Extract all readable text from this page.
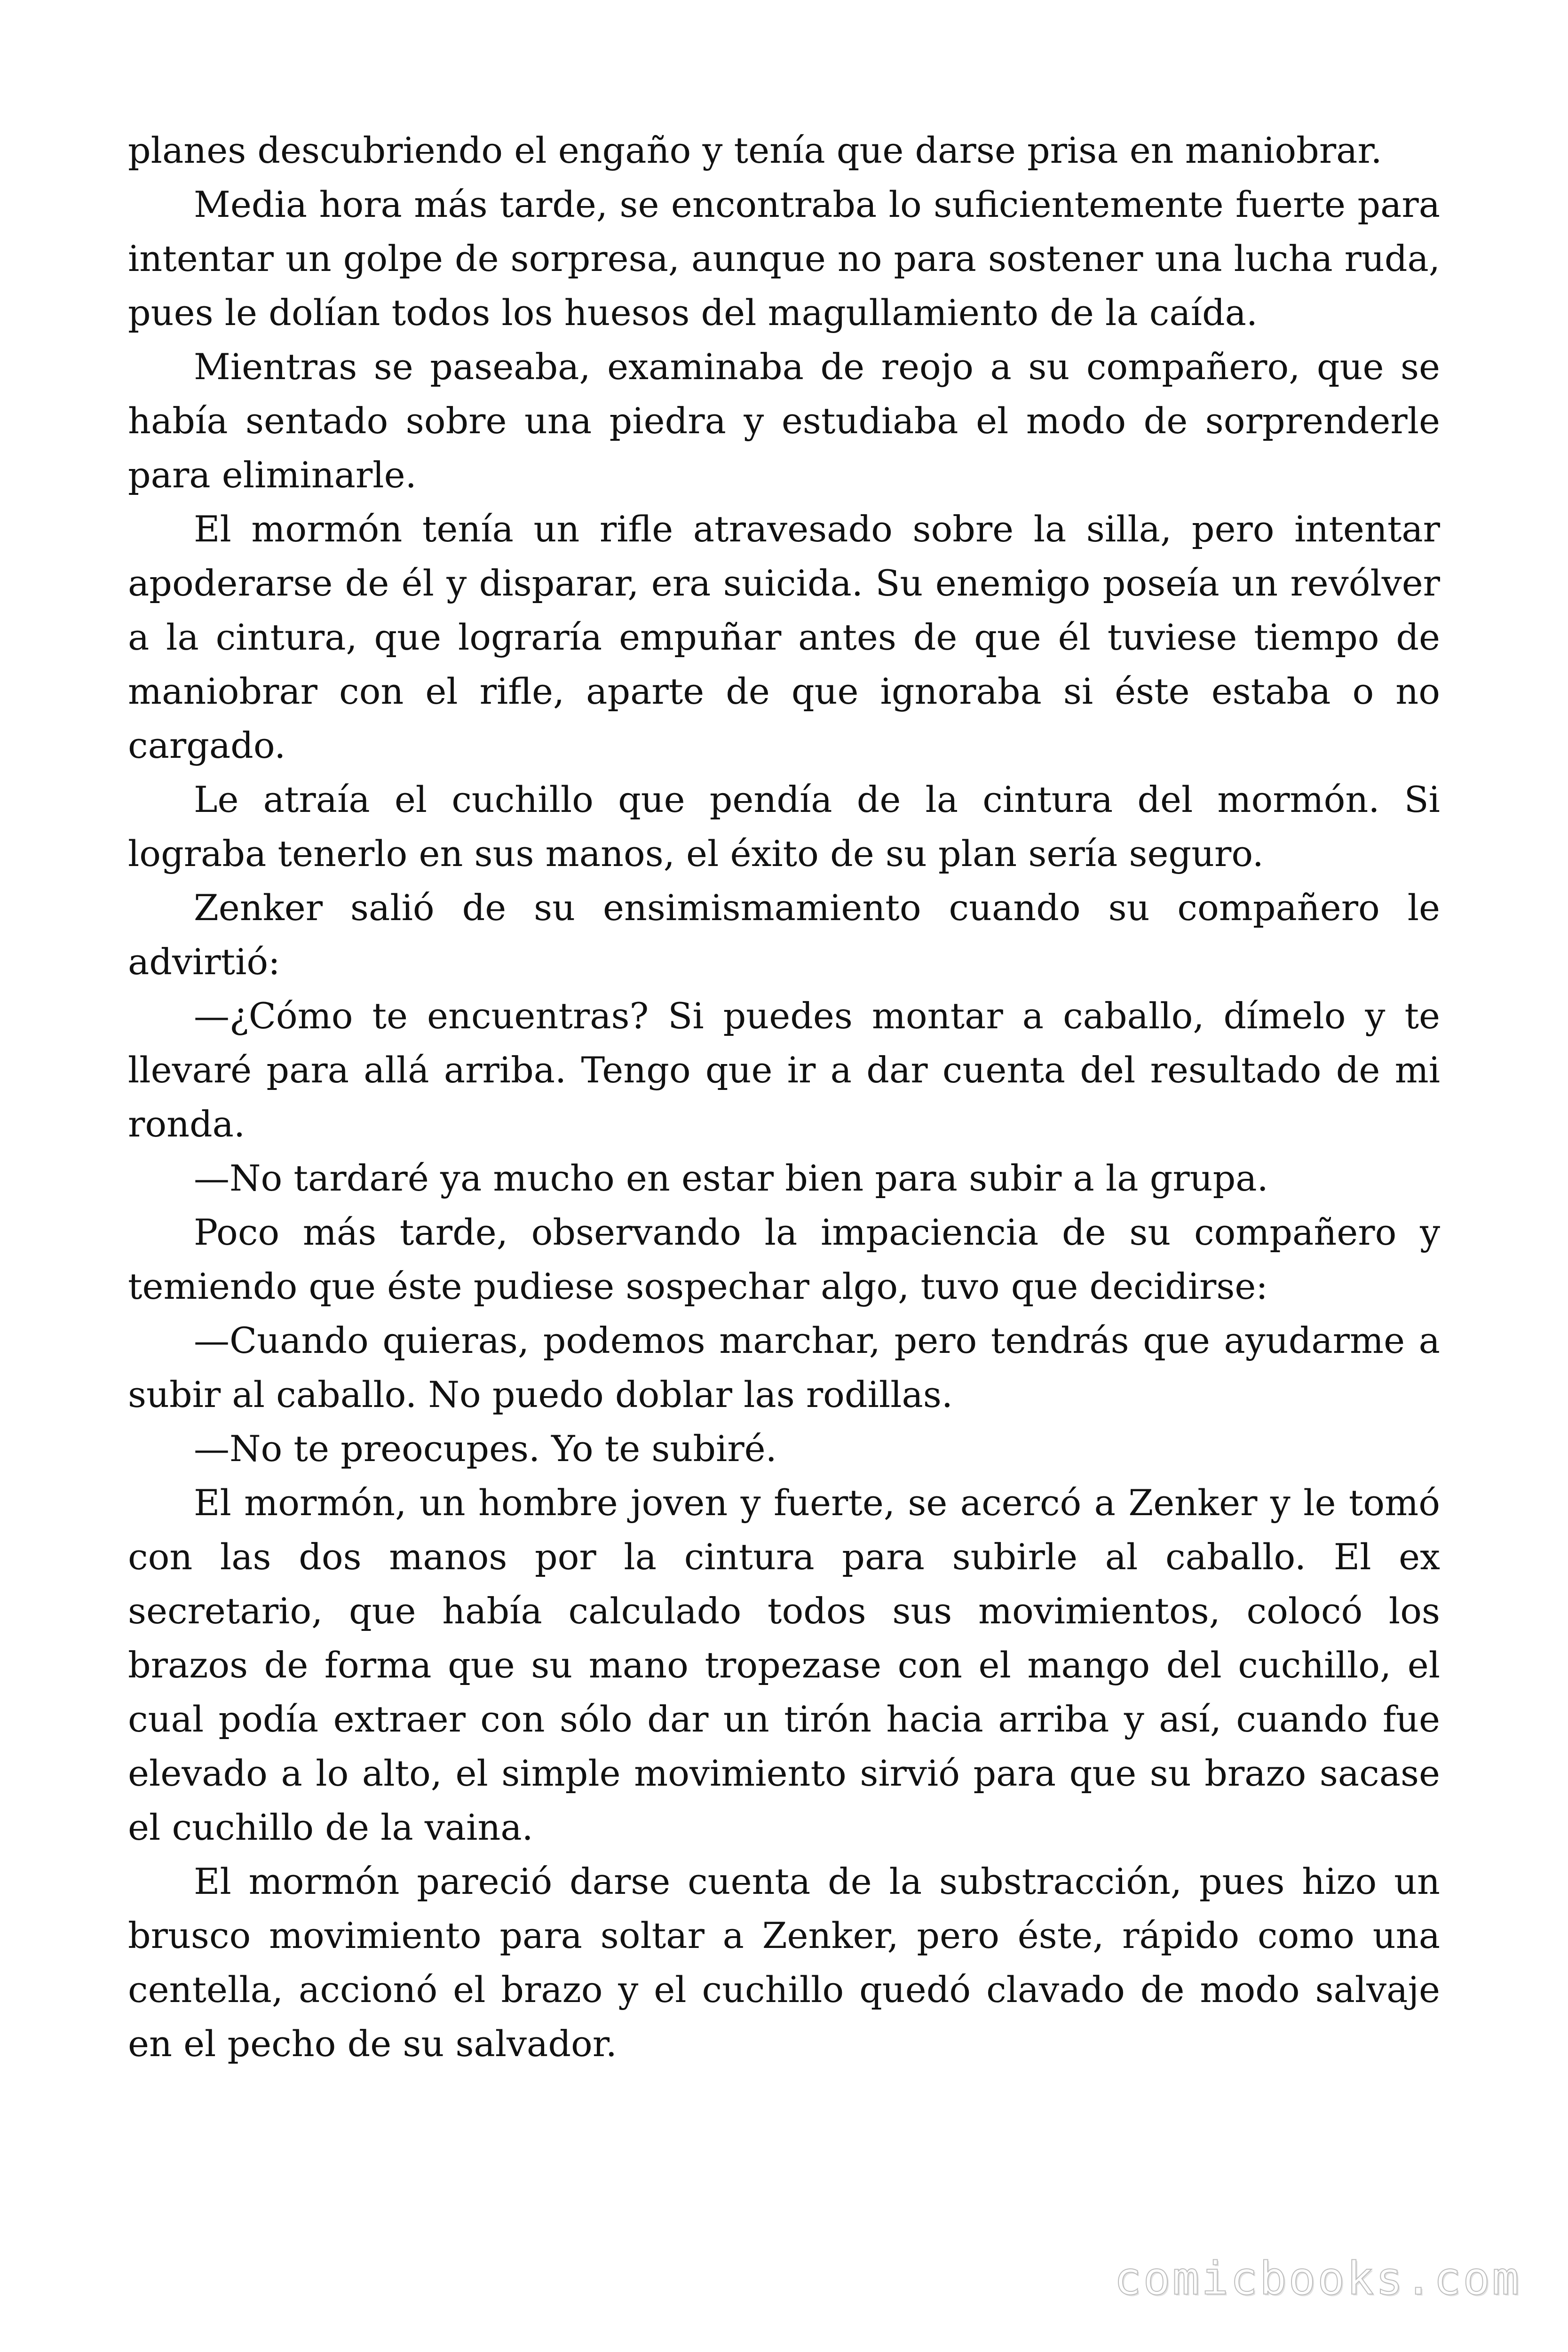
planes descubriendo el engaño y tenía que darse prisa en maniobrar.

Media hora más tarde, se encontraba lo suficientemente fuerte para intentar un golpe de sorpresa, aunque no para sostener una lucha ruda, pues le dolían todos los huesos del magullamiento de la caída.

Mientras se paseaba, examinaba de reojo a su compañero, que se había sentado sobre una piedra y estudiaba el modo de sorprenderle para eliminarle.

El mormón tenía un rifle atravesado sobre la silla, pero intentar apoderarse de él y disparar, era suicida. Su enemigo poseía un revólver a la cintura, que lograría empuñar antes de que él tuviese tiempo de maniobrar con el rifle, aparte de que ignoraba si éste estaba o no cargado.

Le atraía el cuchillo que pendía de la cintura del mormón. Si lograba tenerlo en sus manos, el éxito de su plan sería seguro.

Zenker salió de su ensimismamiento cuando su compañero le advirtió:

—¿Cómo te encuentras? Si puedes montar a caballo, dímelo y te llevaré para allá arriba. Tengo que ir a dar cuenta del resultado de mi ronda.

—No tardaré ya mucho en estar bien para subir a la grupa.

Poco más tarde, observando la impaciencia de su compañero y temiendo que éste pudiese sospechar algo, tuvo que decidirse:

—Cuando quieras, podemos marchar, pero tendrás que ayudarme a subir al caballo. No puedo doblar las rodillas.

—No te preocupes. Yo te subiré.

El mormón, un hombre joven y fuerte, se acercó a Zenker y le tomó con las dos manos por la cintura para subirle al caballo. El ex secretario, que había calculado todos sus movimientos, colocó los brazos de forma que su mano tropezase con el mango del cuchillo, el cual podía extraer con sólo dar un tirón hacia arriba y así, cuando fue elevado a lo alto, el simple movimiento sirvió para que su brazo sacase el cuchillo de la vaina.

El mormón pareció darse cuenta de la substracción, pues hizo un brusco movimiento para soltar a Zenker, pero éste, rápido como una centella, accionó el brazo y el cuchillo quedó clavado de modo salvaje en el pecho de su salvador.

comicbooks.com
